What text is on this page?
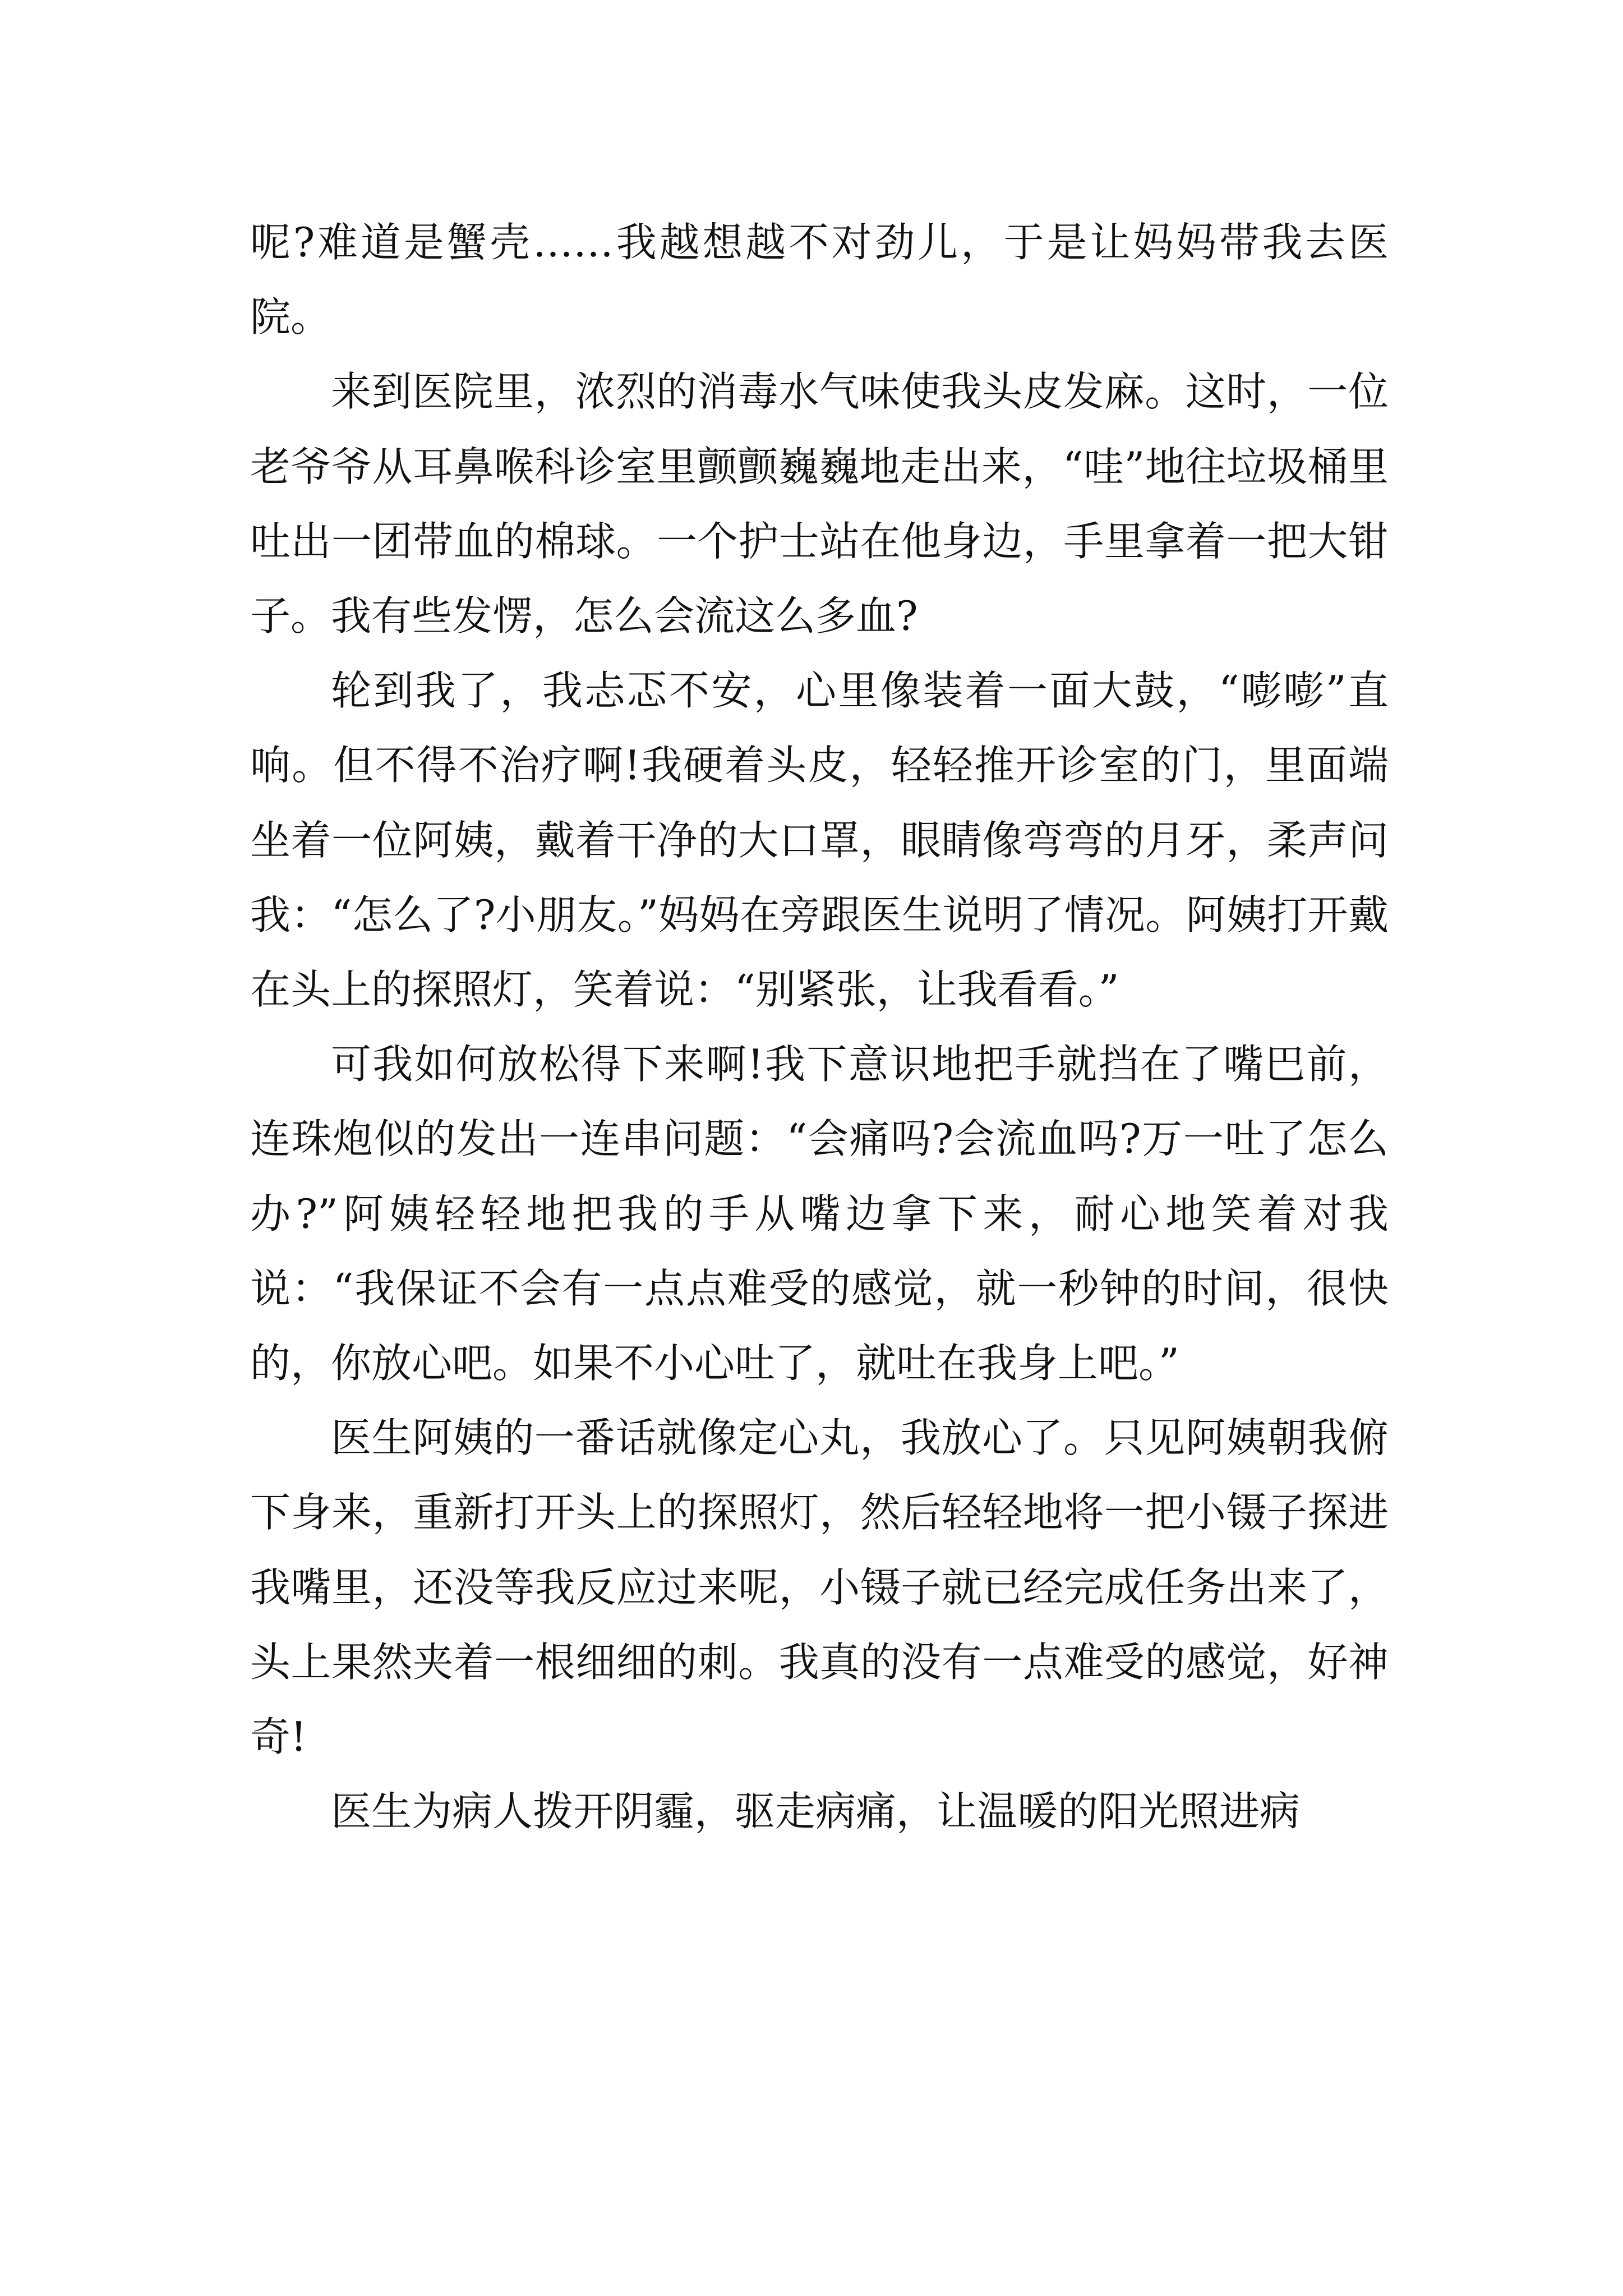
呢?难道是蟹壳……我越想越不对劲儿，于是让妈妈带我去医院。

来到医院里，浓烈的消毒水气味使我头皮发麻。这时，一位老爷爷从耳鼻喉科诊室里颤颤巍巍地走出来，“哇”地往垃圾桶里吐出一团带血的棉球。一个护士站在他身边，手里拿着一把大钳子。我有些发愣，怎么会流这么多血?

轮到我了，我忐忑不安，心里像装着一面大鼓，“嘭嘭”直响。但不得不治疗啊!我硬着头皮，轻轻推开诊室的门，里面端坐着一位阿姨，戴着干净的大口罩，眼睛像弯弯的月牙，柔声问我：“怎么了?小朋友。”妈妈在旁跟医生说明了情况。阿姨打开戴在头上的探照灯，笑着说：“别紧张，让我看看。”

可我如何放松得下来啊!我下意识地把手就挡在了嘴巴前，连珠炮似的发出一连串问题：“会痛吗?会流血吗?万一吐了怎么办?”阿姨轻轻地把我的手从嘴边拿下来，耐心地笑着对我说：“我保证不会有一点点难受的感觉，就一秒钟的时间，很快的，你放心吧。如果不小心吐了，就吐在我身上吧。”

医生阿姨的一番话就像定心丸，我放心了。只见阿姨朝我俯下身来，重新打开头上的探照灯，然后轻轻地将一把小镊子探进我嘴里，还没等我反应过来呢，小镊子就已经完成任务出来了，头上果然夹着一根细细的刺。我真的没有一点难受的感觉，好神奇!

医生为病人拨开阴霾，驱走病痛，让温暖的阳光照进病
